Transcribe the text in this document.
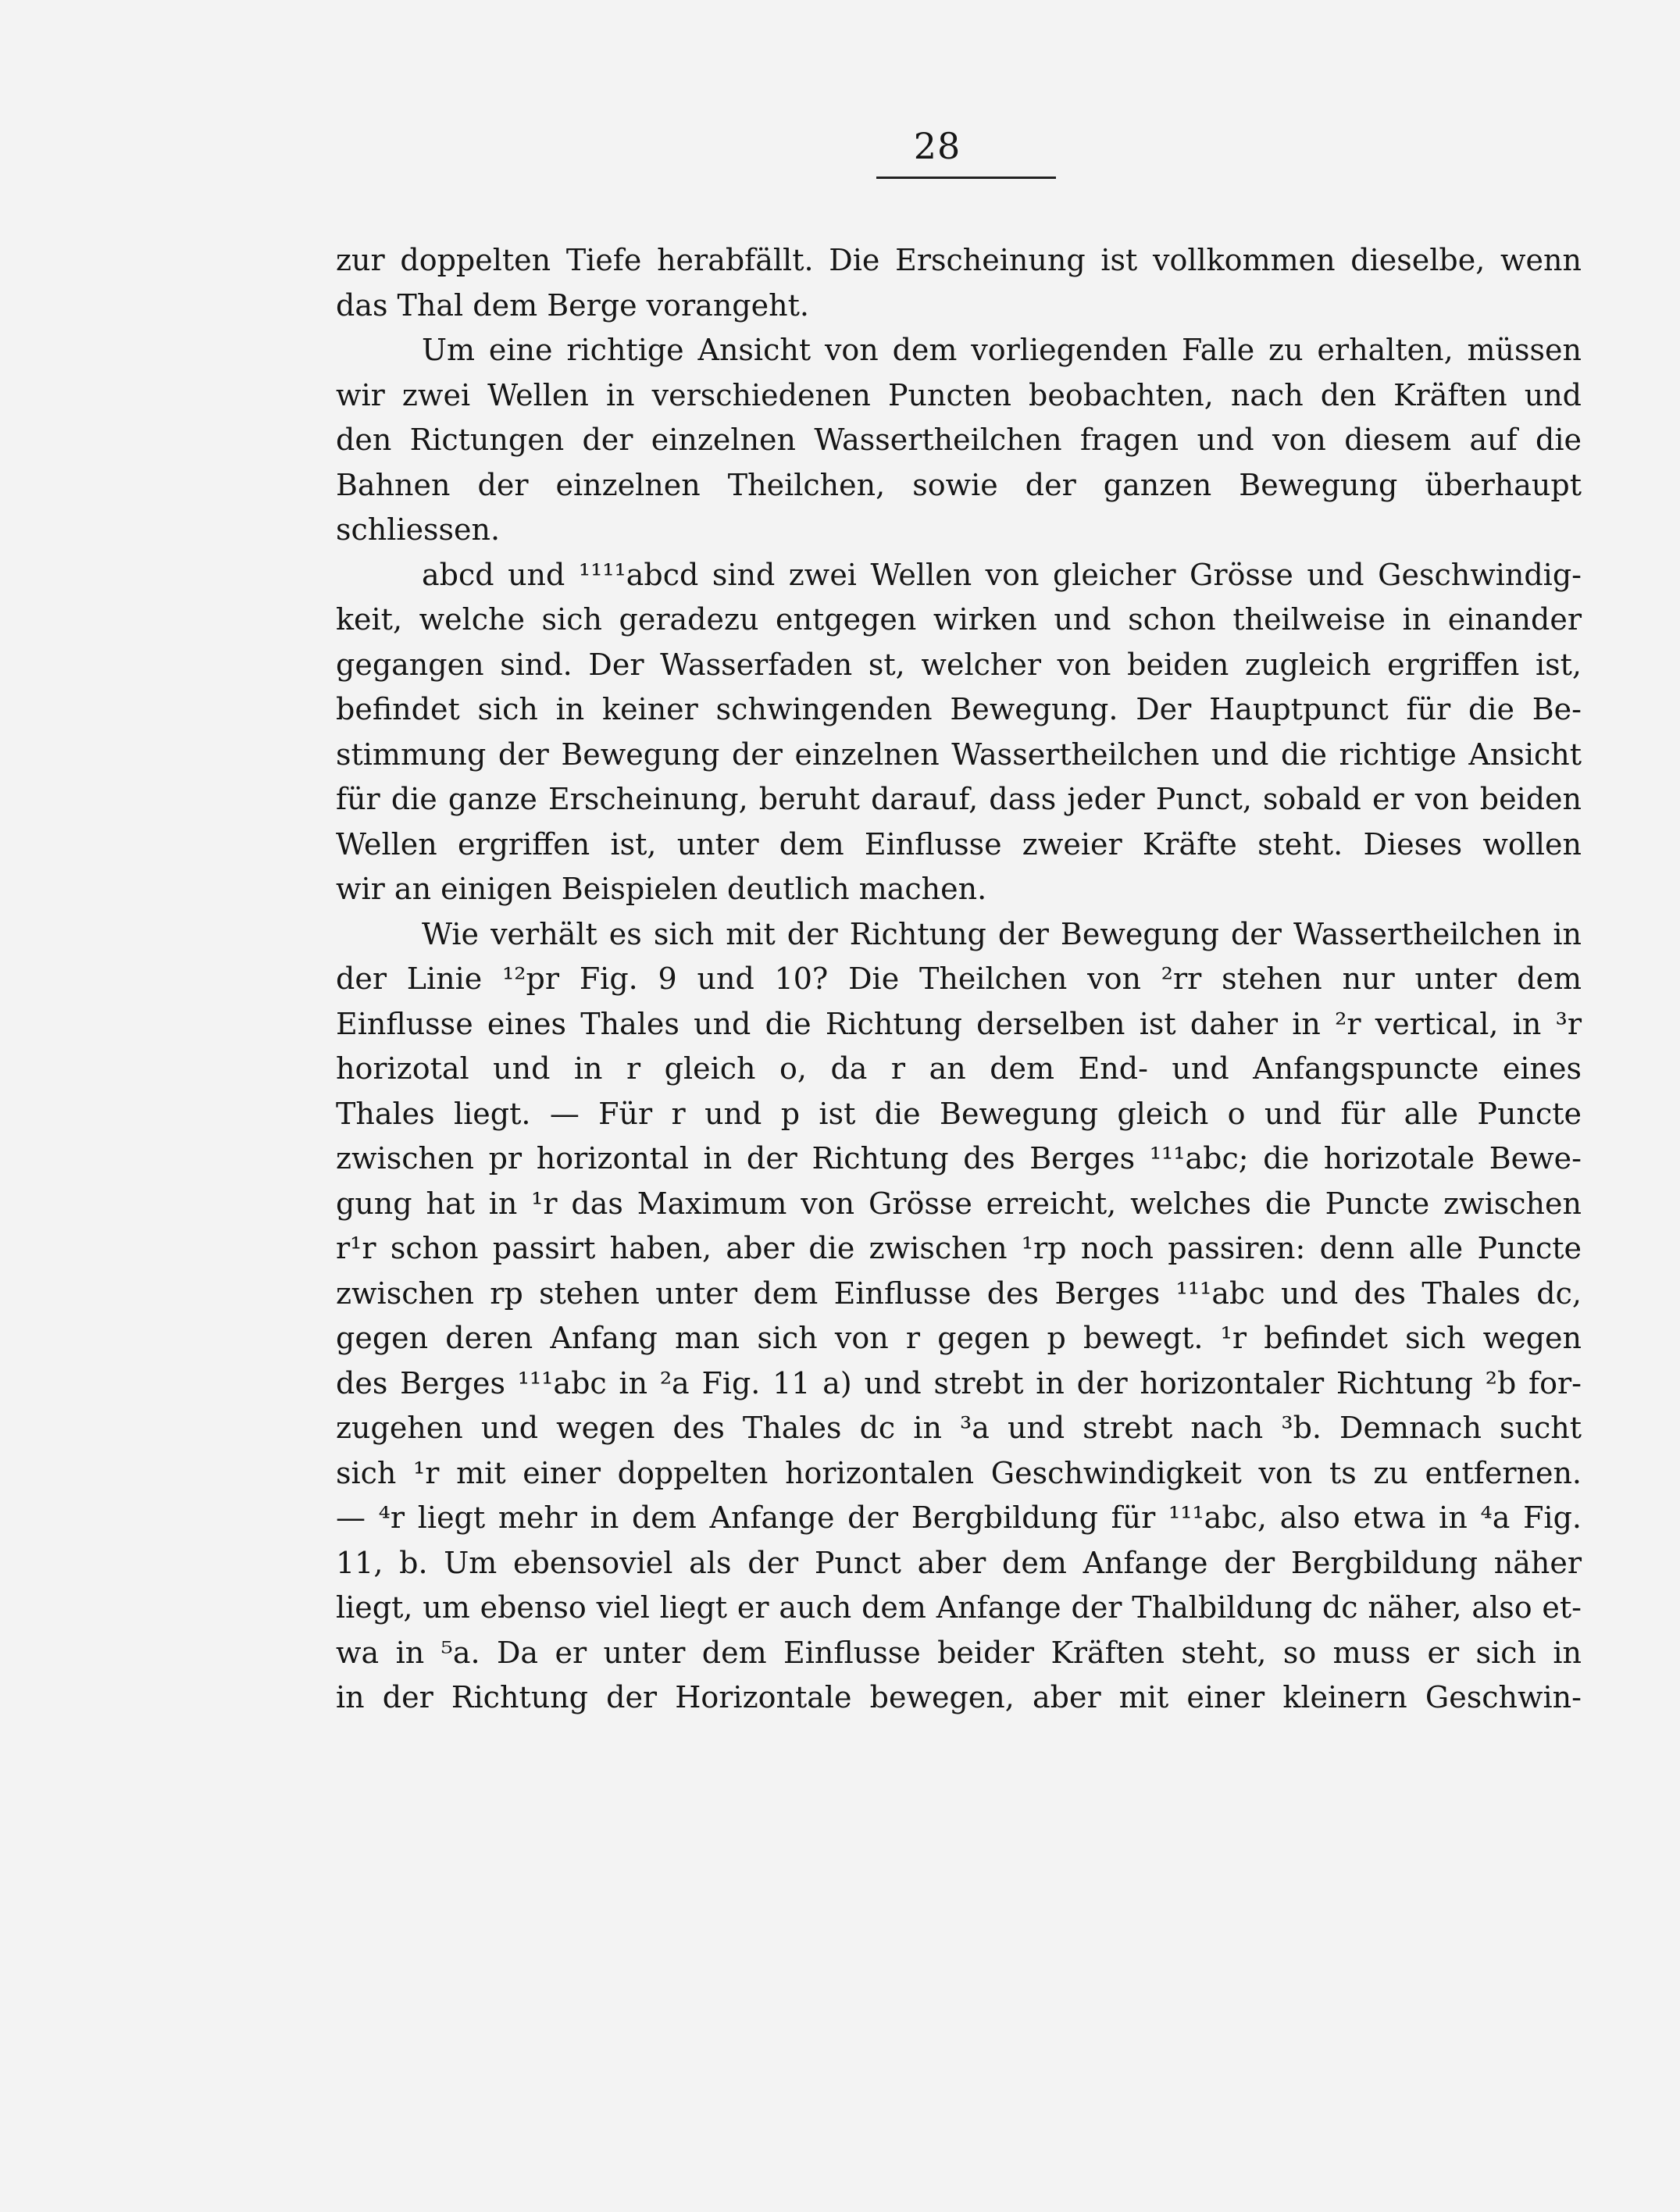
28
zur doppelten Tiefe herabfällt. Die Erscheinung ist vollkommen dieselbe, wenn
das Thal dem Berge vorangeht.
Um eine richtige Ansicht von dem vorliegenden Falle zu erhalten, müssen
wir zwei Wellen in verschiedenen Puncten beobachten, nach den Kräften und
den Rictungen der einzelnen Wassertheilchen fragen und von diesem auf die
Bahnen der einzelnen Theilchen, sowie der ganzen Bewegung überhaupt
schliessen.
abcd und ¹¹¹¹abcd sind zwei Wellen von gleicher Grösse und Geschwindig-
keit, welche sich geradezu entgegen wirken und schon theilweise in einander
gegangen sind. Der Wasserfaden st, welcher von beiden zugleich ergriffen ist,
befindet sich in keiner schwingenden Bewegung. Der Hauptpunct für die Be-
stimmung der Bewegung der einzelnen Wassertheilchen und die richtige Ansicht
für die ganze Erscheinung, beruht darauf, dass jeder Punct, sobald er von beiden
Wellen ergriffen ist, unter dem Einflusse zweier Kräfte steht. Dieses wollen
wir an einigen Beispielen deutlich machen.
Wie verhält es sich mit der Richtung der Bewegung der Wassertheilchen in
der Linie ¹²pr Fig. 9 und 10? Die Theilchen von ²rr stehen nur unter dem
Einflusse eines Thales und die Richtung derselben ist daher in ²r vertical, in ³r
horizotal und in r gleich o, da r an dem End- und Anfangspuncte eines
Thales liegt. — Für r und p ist die Bewegung gleich o und für alle Puncte
zwischen pr horizontal in der Richtung des Berges ¹¹¹abc; die horizotale Bewe-
gung hat in ¹r das Maximum von Grösse erreicht, welches die Puncte zwischen
r¹r schon passirt haben, aber die zwischen ¹rp noch passiren: denn alle Puncte
zwischen rp stehen unter dem Einflusse des Berges ¹¹¹abc und des Thales dc,
gegen deren Anfang man sich von r gegen p bewegt. ¹r befindet sich wegen
des Berges ¹¹¹abc in ²a Fig. 11 a) und strebt in der horizontaler Richtung ²b for-
zugehen und wegen des Thales dc in ³a und strebt nach ³b. Demnach sucht
sich ¹r mit einer doppelten horizontalen Geschwindigkeit von ts zu entfernen.
— ⁴r liegt mehr in dem Anfange der Bergbildung für ¹¹¹abc, also etwa in ⁴a Fig.
11, b. Um ebensoviel als der Punct aber dem Anfange der Bergbildung näher
liegt, um ebenso viel liegt er auch dem Anfange der Thalbildung dc näher, also et-
wa in ⁵a. Da er unter dem Einflusse beider Kräften steht, so muss er sich in
in der Richtung der Horizontale bewegen, aber mit einer kleinern Geschwin-
